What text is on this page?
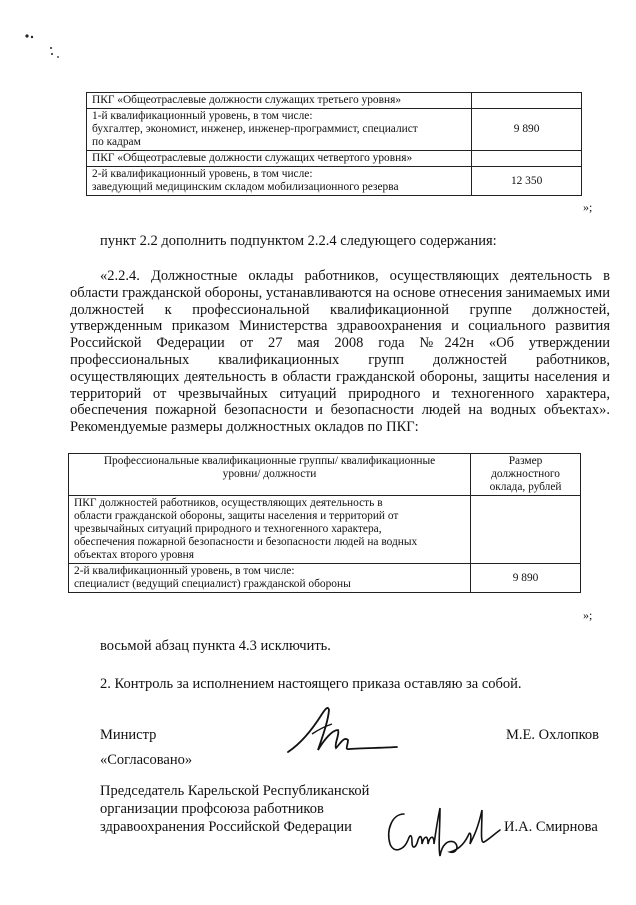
ПКГ «Общеотраслевые должности служащих третьего уровня»	
1-й квалификационный уровень, в том числе:
бухгалтер, экономист, инженер, инженер-программист, специалист
по кадрам	9 890
ПКГ «Общеотраслевые должности служащих четвертого уровня»	
2-й квалификационный уровень, в том числе:
заведующий медицинским складом мобилизационного резерва	12 350
»;

пункт 2.2 дополнить подпунктом 2.2.4 следующего содержания:

«2.2.4. Должностные оклады работников, осуществляющих деятельность в области гражданской обороны, устанавливаются на основе отнесения занимаемых ими должностей к профессиональной квалификационной группе должностей, утвержденным приказом Министерства здравоохранения и социального развития Российской Федерации от 27 мая 2008 года №242н «Об утверждении профессиональных квалификационных групп должностей работников, осуществляющих деятельность в области гражданской обороны, защиты населения и территорий от чрезвычайных ситуаций природного и техногенного характера, обеспечения пожарной безопасности и безопасности людей на водных объектах». Рекомендуемые размеры должностных окладов по ПКГ:
Профессиональные квалификационные группы/ квалификационные
уровни/ должности	Размер
должностного
оклада, рублей
ПКГ должностей работников, осуществляющих деятельность в
области гражданской обороны, защиты населения и территорий от
чрезвычайных ситуаций природного и техногенного характера,
обеспечения пожарной безопасности и безопасности людей на водных
объектах второго уровня	
2-й квалификационный уровень, в том числе:
специалист (ведущий специалист) гражданской обороны	9 890
»;

восьмой абзац пункта 4.3 исключить.

2. Контроль за исполнением настоящего приказа оставляю за собой.

Министр	М.Е. Охлопков

«Согласовано»

Председатель Карельской Республиканской
организации профсоюза работников
здравоохранения Российской Федерации	И.А. Смирнова
